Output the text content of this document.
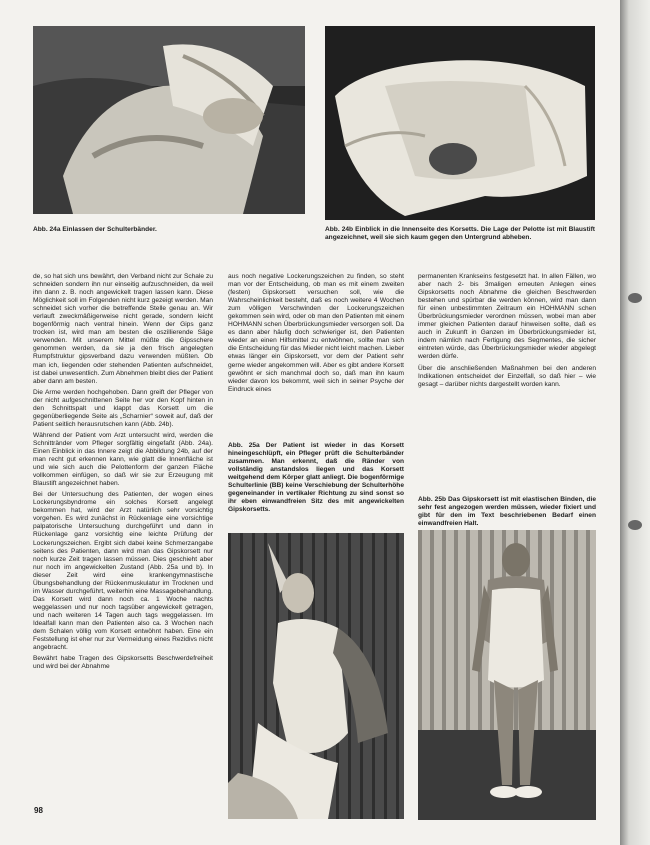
Abb. 24a Einlassen der Schulterbänder.	Abb. 24b Einblick in die Innenseite des Korsetts. Die Lage der Pelotte ist mit Blaustift angezeichnet, weil sie sich kaum gegen den Untergrund abheben.

de, so hat sich uns bewährt, den Verband nicht zur Schale zu schneiden sondern ihn nur einseitig aufzuschneiden, da weil ihn dann z. B. noch angewickelt tragen lassen kann. Diese Möglichkeit soll im Folgenden nicht kurz gezeigt werden. Man schneidet sich vorher die betreffende Stelle genau an. Wir verlauft zweckmäßigerweise nicht gerade, sondern leicht bogenförmig nach ventral hinein. Wenn der Gips ganz trocken ist, wird man am besten die oszillierende Säge verwenden. Mit unserem Mittel müßte die Gipsschere genommen werden, da sie ja den frisch angelegten Rumpfstruktur gipsverband dazu verwenden müßten. Ob man ich, liegenden oder stehenden Patienten aufschneidet, ist dabei unwesentlich. Zum Abnehmen bleibt dies der Patient aber dann am besten.

Die Arme werden hochgehoben. Dann greift der Pfleger von der nicht aufgeschnittenen Seite her vor den Kopf hinten in den Schnittspalt und klappt das Korsett um die gegenüberliegende Seite als „Scharnier“ soweit auf, daß der Patient seitlich herausrutschen kann (Abb. 24b).

Während der Patient vom Arzt untersucht wird, werden die Schnittränder vom Pfleger sorgfältig eingefaßt (Abb. 24a). Einen Einblick in das Innere zeigt die Abbildung 24b, auf der man recht gut erkennen kann, wie glatt die Innenfläche ist und wie sich auch die Pelottenform der ganzen Fläche vollkommen einfügen, so daß wir sie zur Erzeugung mit Blaustift angezeichnet haben.

Bei der Untersuchung des Patienten, der wogen eines Lockerungsbyndrome ein solches Korsett angelegt bekommen hat, wird der Arzt natürlich sehr vorsichtig vorgehen. Es wird zunächst in Rückenlage eine vorsichtige palpatorische Untersuchung durchgeführt und dann in Rückenlage ganz vorsichtig eine leichte Prüfung der Lockerungszeichen. Ergibt sich dabei keine Schmerzangabe seitens des Patienten, dann wird man das Gipskorsett nur noch kurze Zeit tragen lassen müssen. Dies geschieht aber nur noch im angewickelten Zustand (Abb. 25a und b). In dieser Zeit wird eine krankengymnastische Übungsbehandlung der Rückenmuskulatur im Trocknen und im Wasser durchgeführt, weiterhin eine Massagebehandlung. Das Korsett wird dann noch ca. 1 Woche nachts weggelassen und nur noch tagsüber angewickelt getragen, und nach weiteren 14 Tagen auch tags weggelassen. Im Idealfall kann man den Patienten also ca. 3 Wochen nach dem Schalen völlig vom Korsett entwöhnt haben. Eine ein Feststellung ist eher nur zur Vermeidung eines Rezidivs nicht angebracht.

Bewährt habe Tragen des Gipskorsetts Beschwerdefreiheit und wird bei der Abnahme

aus noch negative Lockerungszeichen zu finden, so steht man vor der Entscheidung, ob man es mit einem zweiten (festen) Gipskorsett versuchen soll, wie die Wahrscheinlichkeit besteht, daß es noch weitere 4 Wochen zum völligen Verschwinden der Lockerungszeichen gekommen sein wird, oder ob man den Patienten mit einem HOHMANN schen Überbrückungsmieder versorgen soll. Da es dann aber häufig doch schwieriger ist, den Patienten wieder an einen Hilfsmittel zu entwöhnen, sollte man sich die Entscheidung für das Mieder nicht leicht machen. Lieber etwas länger ein Gipskorsett, vor dem der Patient sehr gerne wieder angekommen will. Aber es gibt andere Korsett gewöhnt er sich manchmal doch so, daß man ihn kaum wieder davon los bekommt, weil sich in seiner Psyche der Eindruck eines

Abb. 25a Der Patient ist wieder in das Korsett hineingeschlüpft, ein Pfleger prüft die Schulterbänder zusammen. Man erkennt, daß die Ränder von vollständig anstandslos liegen und das Korsett weitgehend dem Körper glatt anliegt. Die bogenförmige Schulterlinie (BB) keine Verschiebung der Schulterhöhe gegeneinander in vertikaler Richtung zu sind sonst so ihr eben einwandfreien Sitz des mit angewickelten Gipskorsetts.

permanenten Krankseins festgesetzt hat. In allen Fällen, wo aber nach 2- bis 3maligen erneuten Anlegen eines Gipskorsetts noch Abnahme die gleichen Beschwerden bestehen und spürbar die werden können, wird man dann für einen unbestimmten Zeitraum ein HOHMANN schen Überbrückungsmieder verordnen müssen, wobei man aber immer gleichen Patienten darauf hinweisen sollte, daß es auch in Zukunft in Ganzen im Überbrückungsmieder ist, indem nämlich nach Fertigung des Segmentes, die sicher eintreten würde, das Überbrückungsmieder wieder abgelegt werden dürfe.

Über die anschließenden Maßnahmen bei den anderen Indikationen entscheidet der Einzelfall, so daß hier – wie gesagt – darüber nichts dargestellt worden kann.

Abb. 25b Das Gipskorsett ist mit elastischen Binden, die sehr fest angezogen werden müssen, wieder fixiert und gibt für den im Text beschriebenen Bedarf einen einwandfreien Halt.
98
